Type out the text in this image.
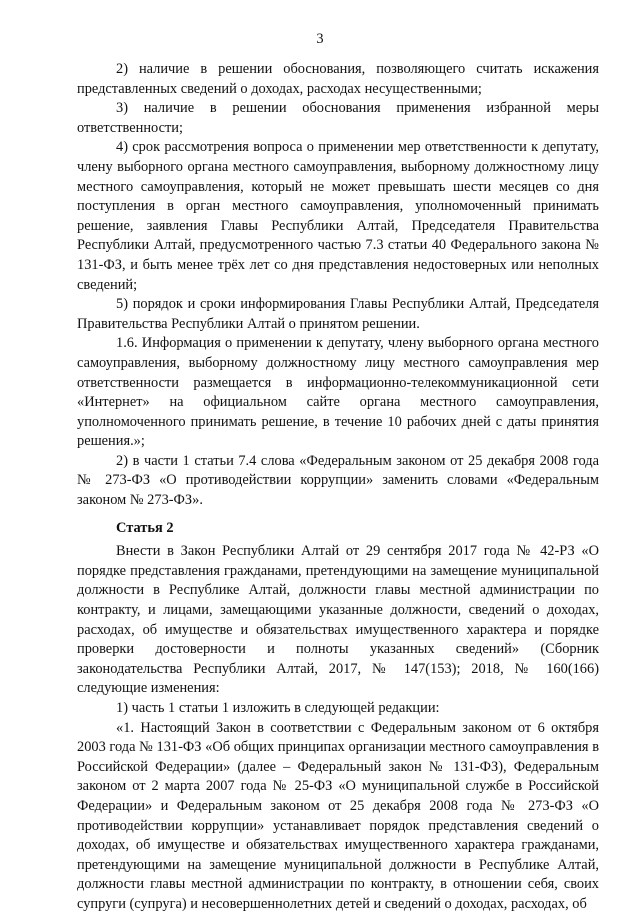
3

2) наличие в решении обоснования, позволяющего считать искажения представленных сведений о доходах, расходах несущественными;

3) наличие в решении обоснования применения избранной меры ответственности;

4) срок рассмотрения вопроса о применении мер ответственности к депутату, члену выборного органа местного самоуправления, выборному должностному лицу местного самоуправления, который не может превышать шести месяцев со дня поступления в орган местного самоуправления, уполномоченный принимать решение, заявления Главы Республики Алтай, Председателя Правительства Республики Алтай, предусмотренного частью 7.3 статьи 40 Федерального закона № 131-ФЗ, и быть менее трёх лет со дня представления недостоверных или неполных сведений;

5) порядок и сроки информирования Главы Республики Алтай, Председателя Правительства Республики Алтай о принятом решении.

1.6. Информация о применении к депутату, члену выборного органа местного самоуправления, выборному должностному лицу местного самоуправления мер ответственности размещается в информационно-телекоммуникационной сети «Интернет» на официальном сайте органа местного самоуправления, уполномоченного принимать решение, в течение 10 рабочих дней с даты принятия решения.»;

2) в части 1 статьи 7.4 слова «Федеральным законом от 25 декабря 2008 года № 273-ФЗ «О противодействии коррупции» заменить словами «Федеральным законом № 273-ФЗ».

Статья 2

Внести в Закон Республики Алтай от 29 сентября 2017 года № 42-РЗ «О порядке представления гражданами, претендующими на замещение муниципальной должности в Республике Алтай, должности главы местной администрации по контракту, и лицами, замещающими указанные должности, сведений о доходах, расходах, об имуществе и обязательствах имущественного характера и порядке проверки достоверности и полноты указанных сведений» (Сборник законодательства Республики Алтай, 2017, № 147(153); 2018, № 160(166) следующие изменения:

1) часть 1 статьи 1 изложить в следующей редакции:

«1. Настоящий Закон в соответствии с Федеральным законом от 6 октября 2003 года № 131-ФЗ «Об общих принципах организации местного самоуправления в Российской Федерации» (далее – Федеральный закон № 131-ФЗ), Федеральным законом от 2 марта 2007 года № 25-ФЗ «О муниципальной службе в Российской Федерации» и Федеральным законом от 25 декабря 2008 года № 273-ФЗ «О противодействии коррупции» устанавливает порядок представления сведений о доходах, об имуществе и обязательствах имущественного характера гражданами, претендующими на замещение муниципальной должности в Республике Алтай, должности главы местной администрации по контракту, в отношении себя, своих супруги (супруга) и несовершеннолетних детей и сведений о доходах, расходах, об
